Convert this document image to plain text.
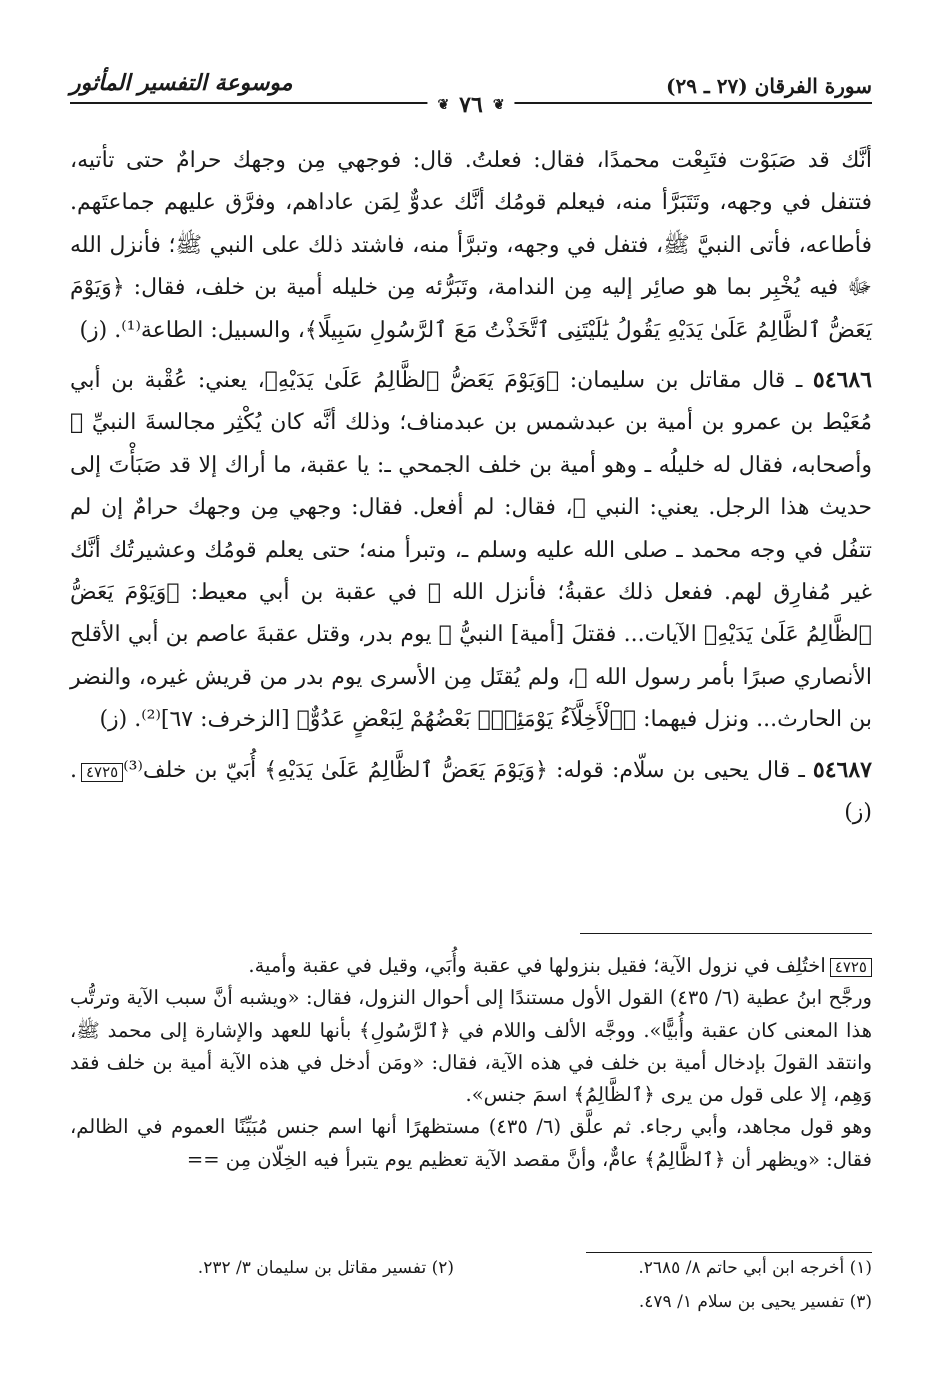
سورة الفرقان (٢٧ ـ ٢٩)
موسوعة التفسير المأثور
❦
٧٦
❦

أنَّك قد صَبَوْت فتَبِعْت محمدًا، فقال: فعلتُ. قال: فوجهي مِن وجهك حرامٌ حتى تأتيه، فتتفل في وجهه، وتَتَبَرَّأ منه، فيعلم قومُك أنَّك عدوٌّ لِمَن عاداهم، وفرَّق عليهم جماعتَهم. فأطاعه، فأتى النبيَّ ﷺ، فتفل في وجهه، وتبرَّأ منه، فاشتد ذلك على النبي ﷺ؛ فأنزل الله ﷻ فيه يُخْبِر بما هو صائِر إليه مِن الندامة، وتَبَرُّئه مِن خليله أمية بن خلف، فقال: ﴿وَيَوْمَ يَعَضُّ ٱلظَّالِمُ عَلَىٰ يَدَيْهِ يَقُولُ يَٰلَيْتَنِى ٱتَّخَذْتُ مَعَ ٱلرَّسُولِ سَبِيلًا﴾، والسبيل: الطاعة⁽¹⁾. (ز)

٥٤٦٨٦ ـ قال مقاتل بن سليمان: ﴿وَيَوْمَ يَعَضُّ ٱلظَّالِمُ عَلَىٰ يَدَيْهِ﴾، يعني: عُقْبة بن أبي مُعَيْط بن عمرو بن أمية بن عبدشمس بن عبدمناف؛ وذلك أنَّه كان يُكْثِر مجالسةَ النبيِّ ﷺ وأصحابه، فقال له خليلُه ـ وهو أمية بن خلف الجمحي ـ: يا عقبة، ما أراك إلا قد صَبَأْتَ إلى حديث هذا الرجل. يعني: النبي ﷺ، فقال: لم أفعل. فقال: وجهي مِن وجهك حرامٌ إن لم تتفُل في وجه محمد ـ صلى الله عليه وسلم ـ، وتبرأ منه؛ حتى يعلم قومُك وعشيرتُك أنَّك غير مُفارِق لهم. ففعل ذلك عقبةُ؛ فأنزل الله ﷻ في عقبة بن أبي معيط: ﴿وَيَوْمَ يَعَضُّ ٱلظَّالِمُ عَلَىٰ يَدَيْهِ﴾ الآيات... فقتلَ [أمية] النبيُّ ﷺ يوم بدر، وقتل عقبةَ عاصم بن أبي الأقلح الأنصاري صبرًا بأمر رسول الله ﷺ، ولم يُقتَل مِن الأسرى يوم بدر من قريش غيره، والنضر بن الحارث... ونزل فيهما: ﴿ٱلْأَخِلَّآءُ يَوْمَئِذٍۭ بَعْضُهُمْ لِبَعْضٍ عَدُوٌّ﴾ [الزخرف: ٦٧]⁽²⁾. (ز)

٥٤٦٨٧ ـ قال يحيى بن سلّام: قوله: ﴿وَيَوْمَ يَعَضُّ ٱلظَّالِمُ عَلَىٰ يَدَيْهِ﴾ أُبَيّ بن خلف⁽³⁾٤٧٢٥. (ز)

٤٧٢٥اختُلِف في نزول الآية؛ فقيل بنزولها في عقبة وأُبَي، وقيل في عقبة وأمية.

ورجَّح ابنُ عطية (٦/ ٤٣٥) القول الأول مستندًا إلى أحوال النزول، فقال: «ويشبه أنَّ سبب الآية وترتُّب هذا المعنى كان عقبة وأُبيًّا». ووجَّه الألف واللام في ﴿ٱلرَّسُولِ﴾ بأنها للعهد والإشارة إلى محمد ﷺ، وانتقد القولَ بإدخال أمية بن خلف في هذه الآية، فقال: «ومَن أدخل في هذه الآية أمية بن خلف فقد وَهِم، إلا على قول من يرى ﴿ٱلظَّالِمُ﴾ اسمَ جنس».

وهو قول مجاهد، وأبي رجاء. ثم علَّق (٦/ ٤٣٥) مستظهرًا أنها اسم جنس مُبَيِّنًا العموم في الظالم، فقال: «ويظهر أن ﴿ٱلظَّالِمُ﴾ عامٌّ، وأنَّ مقصد الآية تعظيم يوم يتبرأ فيه الخِلّان مِن ==

(١) أخرجه ابن أبي حاتم ٨/ ٢٦٨٥.
(٢) تفسير مقاتل بن سليمان ٣/ ٢٣٢.
(٣) تفسير يحيى بن سلام ١/ ٤٧٩.
